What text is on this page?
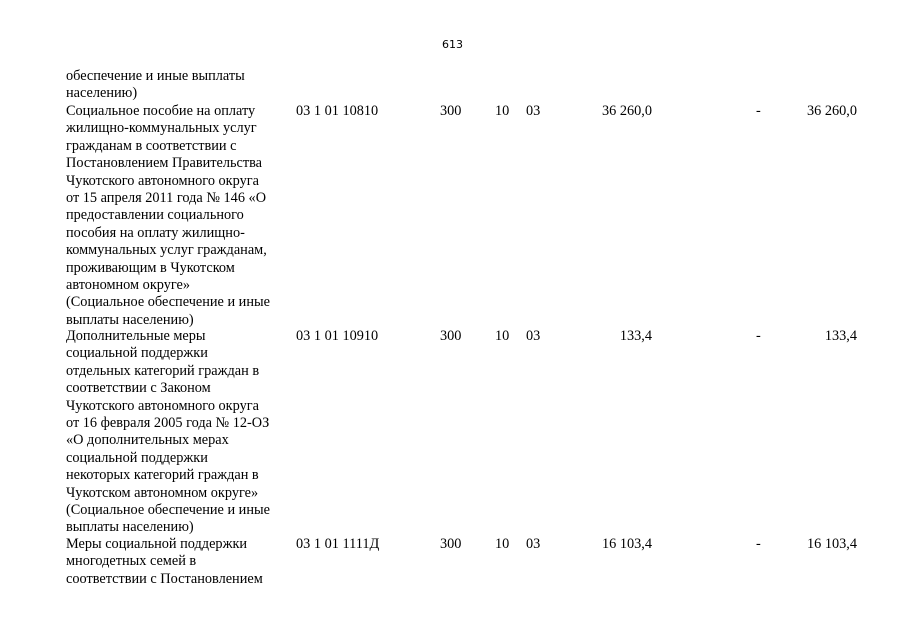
613
обеспечение и иные выплаты
населению)
Социальное пособие на оплату
жилищно-коммунальных услуг
гражданам в соответствии с
Постановлением Правительства
Чукотского автономного округа
от 15 апреля 2011 года № 146 «О
предоставлении социального
пособия на оплату жилищно-
коммунальных услуг гражданам,
проживающим в Чукотском
автономном округе»
(Социальное обеспечение и иные
выплаты населению)
03 1 01 10810	300 10 03	36 260,0	-	36 260,0
Дополнительные меры
социальной поддержки
отдельных категорий граждан в
соответствии с Законом
Чукотского автономного округа
от 16 февраля 2005 года № 12-ОЗ
«О дополнительных мерах
социальной поддержки
некоторых категорий граждан в
Чукотском автономном округе»
(Социальное обеспечение и иные
выплаты населению)
03 1 01 10910	300 10 03	133,4	-	133,4
Меры социальной поддержки
многодетных семей в
соответствии с Постановлением
03 1 01 1111Д	300 10 03	16 103,4	-	16 103,4
